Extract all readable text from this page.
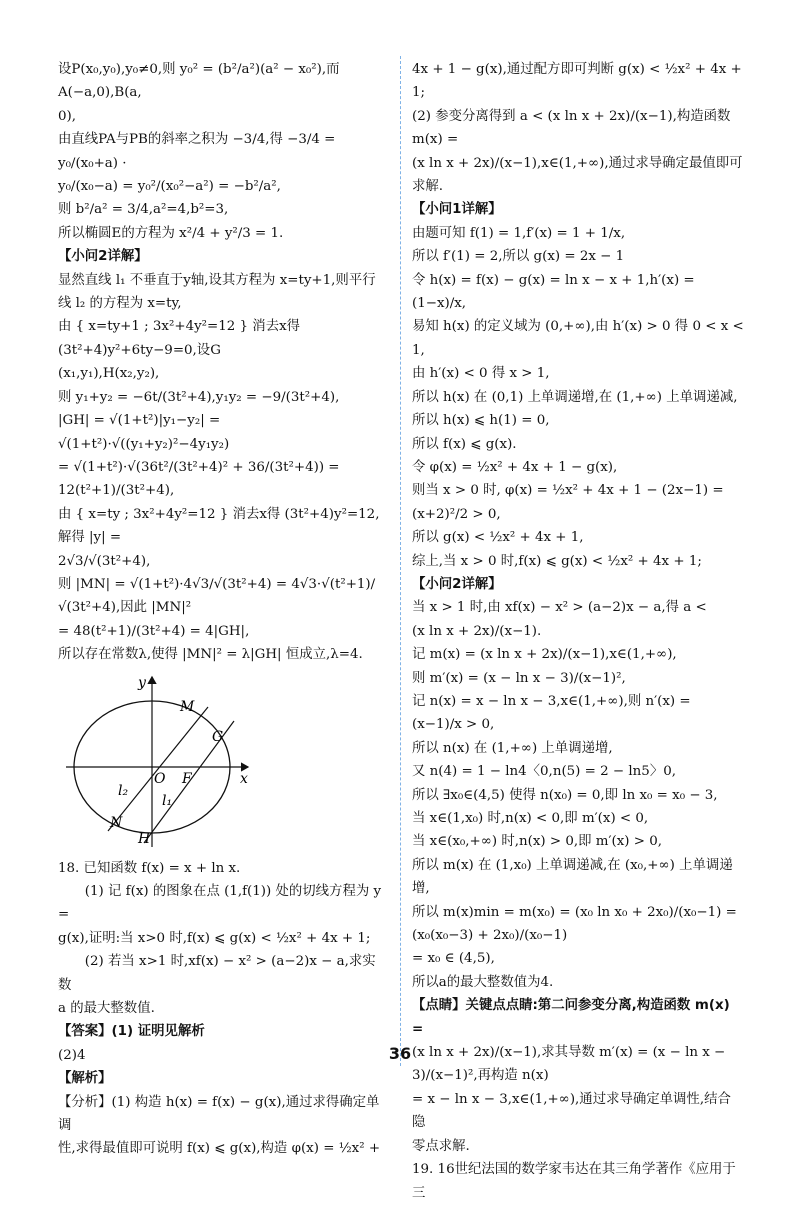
设P(x₀,y₀),y₀≠0,则 y₀² = (b²/a²)(a² − x₀²),而A(−a,0),B(a,

0),

由直线PA与PB的斜率之积为 −3/4,得 −3/4 = y₀/(x₀+a) ·

y₀/(x₀−a) = y₀²/(x₀²−a²) = −b²/a²,

则 b²/a² = 3/4,a²=4,b²=3,

所以椭圆E的方程为 x²/4 + y²/3 = 1.

【小问2详解】

显然直线 l₁ 不垂直于y轴,设其方程为 x=ty+1,则平行

线 l₂ 的方程为 x=ty,

由 { x=ty+1 ; 3x²+4y²=12 } 消去x得 (3t²+4)y²+6ty−9=0,设G

(x₁,y₁),H(x₂,y₂),

则 y₁+y₂ = −6t/(3t²+4),y₁y₂ = −9/(3t²+4),

|GH| = √(1+t²)|y₁−y₂| = √(1+t²)·√((y₁+y₂)²−4y₁y₂)

= √(1+t²)·√(36t²/(3t²+4)² + 36/(3t²+4)) = 12(t²+1)/(3t²+4),

由 { x=ty ; 3x²+4y²=12 } 消去x得 (3t²+4)y²=12,解得 |y| =

2√3/√(3t²+4),

则 |MN| = √(1+t²)·4√3/√(3t²+4) = 4√3·√(t²+1)/√(3t²+4),因此 |MN|²

= 48(t²+1)/(3t²+4) = 4|GH|,

所以存在常数λ,使得 |MN|² = λ|GH| 恒成立,λ=4.

y
x
O F
M
G
N
H
l₁
l₂

18. 已知函数 f(x) = x + ln x.

(1) 记 f(x) 的图象在点 (1,f(1)) 处的切线方程为 y =

g(x),证明:当 x>0 时,f(x) ⩽ g(x) < ½x² + 4x + 1;

(2) 若当 x>1 时,xf(x) − x² > (a−2)x − a,求实数

a 的最大整数值.

【答案】(1) 证明见解析

(2)4

【解析】

【分析】(1) 构造 h(x) = f(x) − g(x),通过求得确定单调

性,求得最值即可说明 f(x) ⩽ g(x),构造 φ(x) = ½x² +

4x + 1 − g(x),通过配方即可判断 g(x) < ½x² + 4x + 1;

(2) 参变分离得到 a < (x ln x + 2x)/(x−1),构造函数 m(x) =

(x ln x + 2x)/(x−1),x∈(1,+∞),通过求导确定最值即可求解.

【小问1详解】

由题可知 f(1) = 1,f′(x) = 1 + 1/x,

所以 f′(1) = 2,所以 g(x) = 2x − 1

令 h(x) = f(x) − g(x) = ln x − x + 1,h′(x) = (1−x)/x,

易知 h(x) 的定义域为 (0,+∞),由 h′(x) > 0 得 0 < x < 1,

由 h′(x) < 0 得 x > 1,

所以 h(x) 在 (0,1) 上单调递增,在 (1,+∞) 上单调递减,

所以 h(x) ⩽ h(1) = 0,

所以 f(x) ⩽ g(x).

令 φ(x) = ½x² + 4x + 1 − g(x),

则当 x > 0 时, φ(x) = ½x² + 4x + 1 − (2x−1) =

(x+2)²/2 > 0,

所以 g(x) < ½x² + 4x + 1,

综上,当 x > 0 时,f(x) ⩽ g(x) < ½x² + 4x + 1;

【小问2详解】

当 x > 1 时,由 xf(x) − x² > (a−2)x − a,得 a <

(x ln x + 2x)/(x−1).

记 m(x) = (x ln x + 2x)/(x−1),x∈(1,+∞),

则 m′(x) = (x − ln x − 3)/(x−1)²,

记 n(x) = x − ln x − 3,x∈(1,+∞),则 n′(x) = (x−1)/x > 0,

所以 n(x) 在 (1,+∞) 上单调递增,

又 n(4) = 1 − ln4〈0,n(5) = 2 − ln5〉0,

所以 ∃x₀∈(4,5) 使得 n(x₀) = 0,即 ln x₀ = x₀ − 3,

当 x∈(1,x₀) 时,n(x) < 0,即 m′(x) < 0,

当 x∈(x₀,+∞) 时,n(x) > 0,即 m′(x) > 0,

所以 m(x) 在 (1,x₀) 上单调递减,在 (x₀,+∞) 上单调递

增,

所以 m(x)min = m(x₀) = (x₀ ln x₀ + 2x₀)/(x₀−1) = (x₀(x₀−3) + 2x₀)/(x₀−1)

= x₀ ∈ (4,5),

所以a的最大整数值为4.

【点睛】关键点点睛:第二问参变分离,构造函数 m(x) =

(x ln x + 2x)/(x−1),求其导数 m′(x) = (x − ln x − 3)/(x−1)²,再构造 n(x)

= x − ln x − 3,x∈(1,+∞),通过求导确定单调性,结合隐

零点求解.

19. 16世纪法国的数学家韦达在其三角学著作《应用于三

36
